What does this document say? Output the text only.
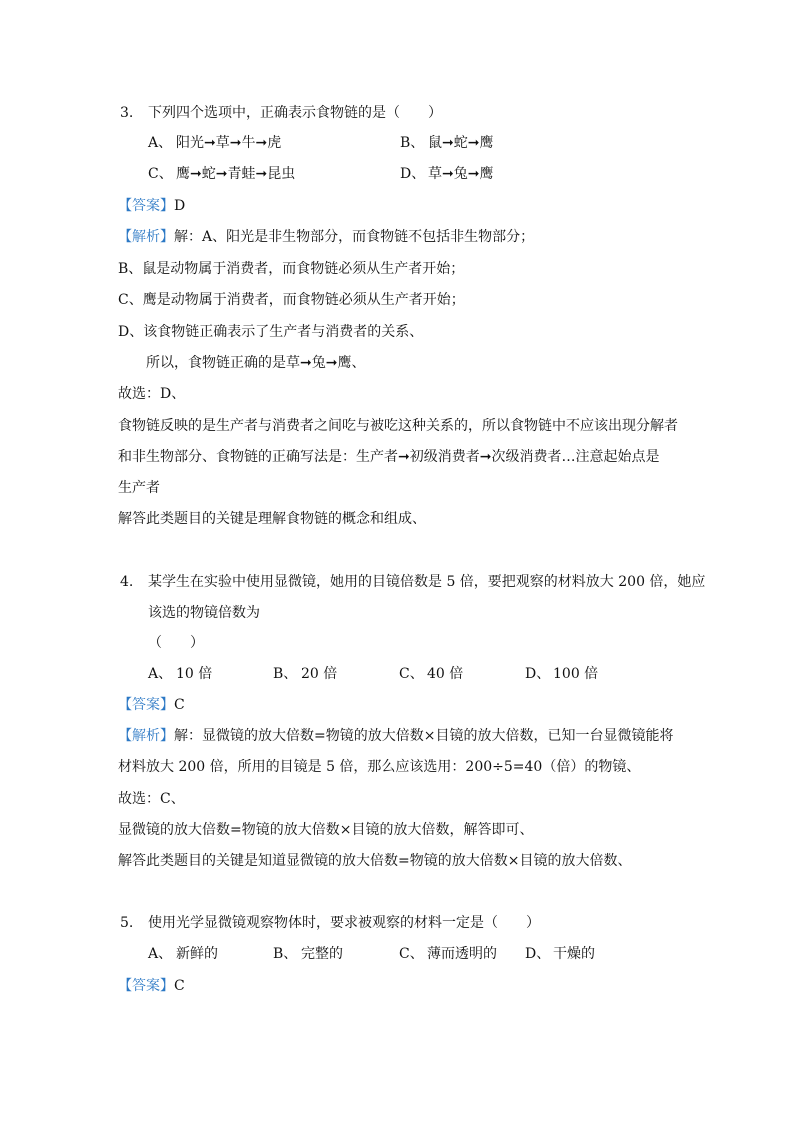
3. 下列四个选项中，正确表示食物链的是（　　）
A、 阳光➞草➞牛➞虎	B、 鼠➞蛇➞鹰
C、 鹰➞蛇➞青蛙➞昆虫	D、 草➞兔➞鹰
【答案】D
【解析】解：A、阳光是非生物部分，而食物链不包括非生物部分；
B、鼠是动物属于消费者，而食物链必须从生产者开始；
C、鹰是动物属于消费者，而食物链必须从生产者开始；
D、该食物链正确表示了生产者与消费者的关系、
所以，食物链正确的是草➞兔➞鹰、
故选：D、
食物链反映的是生产者与消费者之间吃与被吃这种关系的，所以食物链中不应该出现分解者
和非生物部分、食物链的正确写法是：生产者➞初级消费者➞次级消费者…注意起始点是
生产者
解答此类题目的关键是理解食物链的概念和组成、
4. 某学生在实验中使用显微镜，她用的目镜倍数是 5 倍，要把观察的材料放大 200 倍，她应
该选的物镜倍数为
（　　）
A、 10 倍	B、 20 倍	C、 40 倍	D、 100 倍
【答案】C
【解析】解：显微镜的放大倍数=物镜的放大倍数×目镜的放大倍数，已知一台显微镜能将
材料放大 200 倍，所用的目镜是 5 倍，那么应该选用：200÷5=40（倍）的物镜、
故选：C、
显微镜的放大倍数=物镜的放大倍数×目镜的放大倍数，解答即可、
解答此类题目的关键是知道显微镜的放大倍数=物镜的放大倍数×目镜的放大倍数、
5. 使用光学显微镜观察物体时，要求被观察的材料一定是（　　）
A、 新鲜的	B、 完整的	C、 薄而透明的 D、 干燥的
【答案】C
